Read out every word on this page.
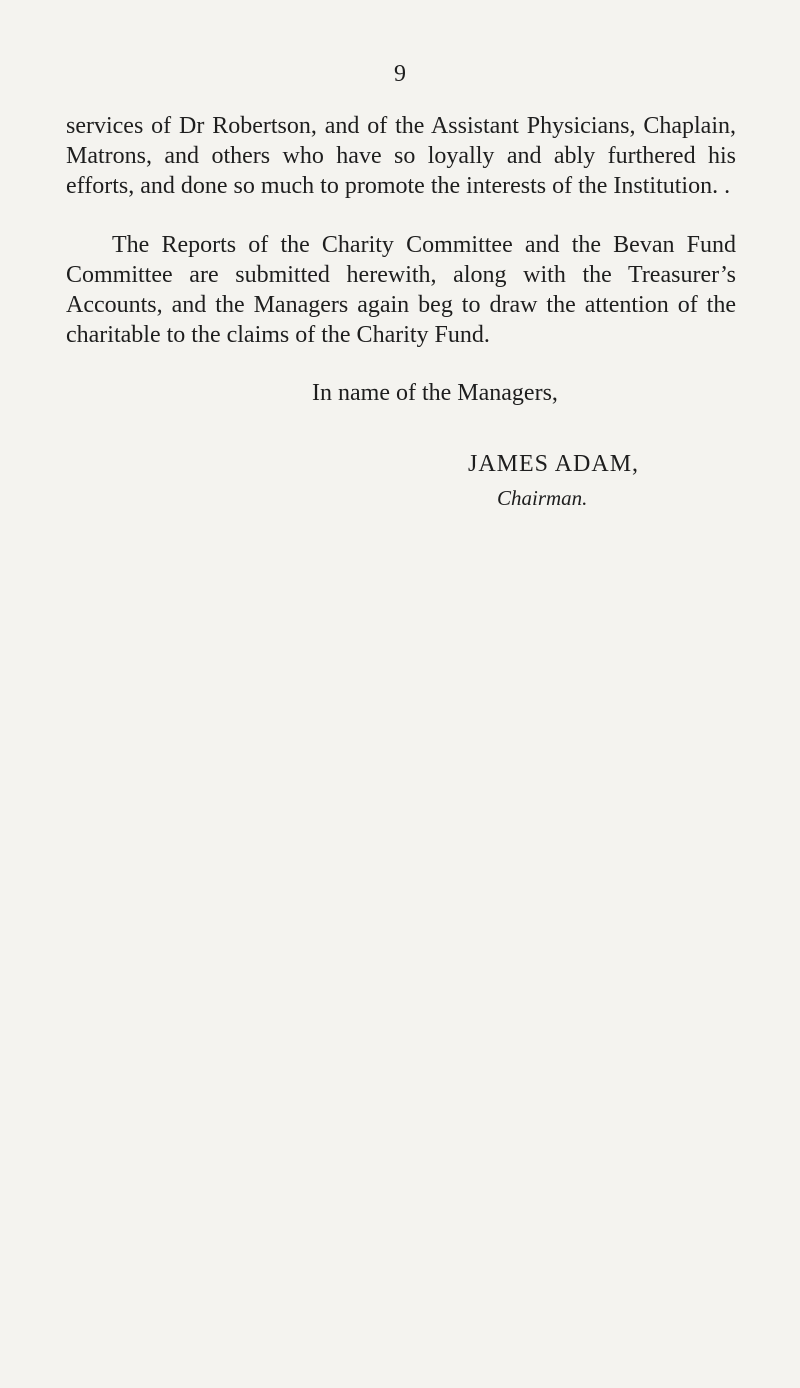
9

services of Dr Robertson, and of the Assistant Physicians, Chaplain, Matrons, and others who have so loyally and ably furthered his efforts, and done so much to promote the interests of the Institution. .

The Reports of the Charity Committee and the Bevan Fund Committee are submitted herewith, along with the Treasurer’s Accounts, and the Managers again beg to draw the attention of the charitable to the claims of the Charity Fund.

In name of the Managers,
JAMES ADAM,
Chairman.
